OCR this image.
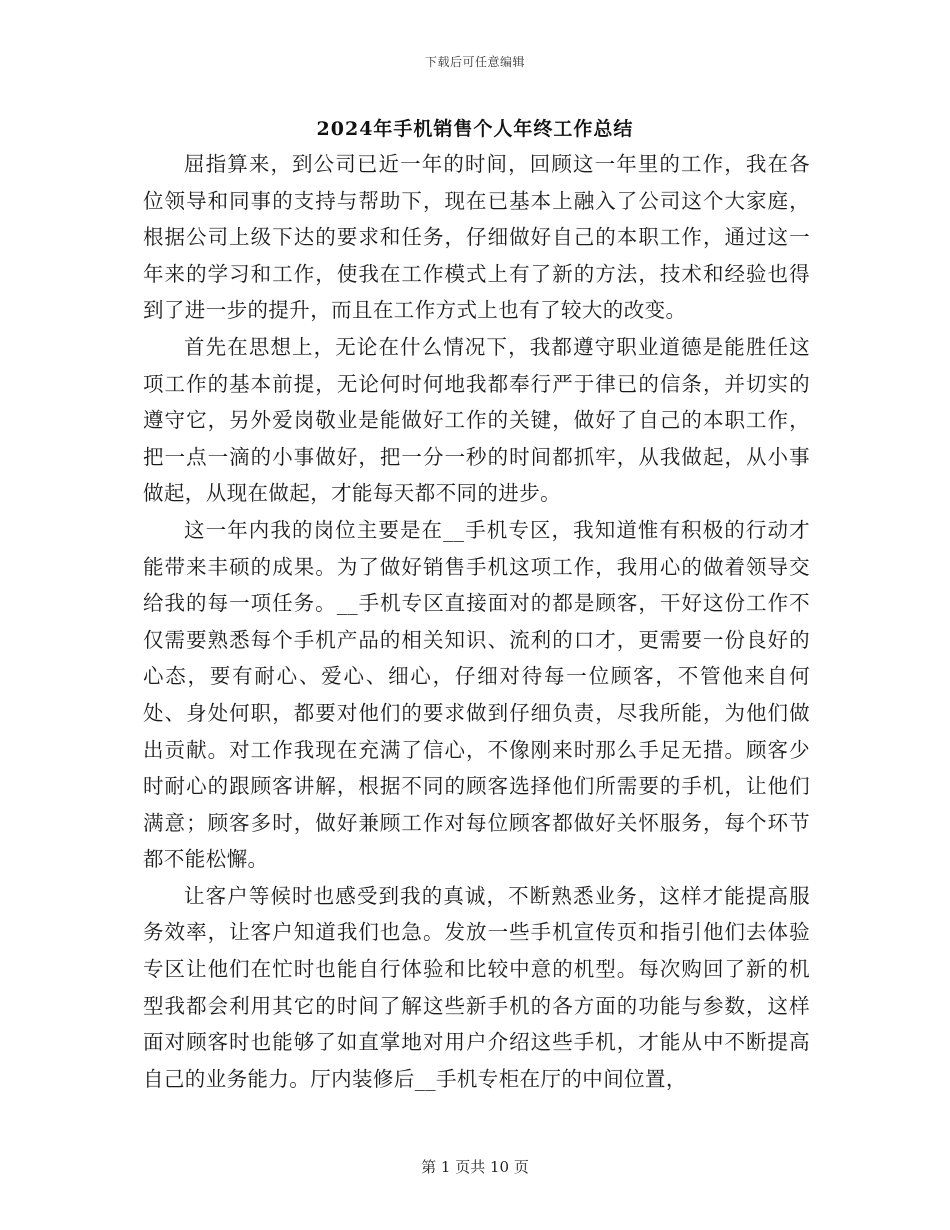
下载后可任意编辑
2024年手机销售个人年终工作总结

屈指算来，到公司已近一年的时间，回顾这一年里的工作，我在各位领导和同事的支持与帮助下，现在已基本上融入了公司这个大家庭，根据公司上级下达的要求和任务，仔细做好自己的本职工作，通过这一年来的学习和工作，使我在工作模式上有了新的方法，技术和经验也得到了进一步的提升，而且在工作方式上也有了较大的改变。

首先在思想上，无论在什么情况下，我都遵守职业道德是能胜任这项工作的基本前提，无论何时何地我都奉行严于律已的信条，并切实的遵守它，另外爱岗敬业是能做好工作的关键，做好了自己的本职工作，把一点一滴的小事做好，把一分一秒的时间都抓牢，从我做起，从小事做起，从现在做起，才能每天都不同的进步。

这一年内我的岗位主要是在__手机专区，我知道惟有积极的行动才能带来丰硕的成果。为了做好销售手机这项工作，我用心的做着领导交给我的每一项任务。__手机专区直接面对的都是顾客，干好这份工作不仅需要熟悉每个手机产品的相关知识、流利的口才，更需要一份良好的心态，要有耐心、爱心、细心，仔细对待每一位顾客，不管他来自何处、身处何职，都要对他们的要求做到仔细负责，尽我所能，为他们做出贡献。对工作我现在充满了信心，不像刚来时那么手足无措。顾客少时耐心的跟顾客讲解，根据不同的顾客选择他们所需要的手机，让他们满意；顾客多时，做好兼顾工作对每位顾客都做好关怀服务，每个环节都不能松懈。

让客户等候时也感受到我的真诚，不断熟悉业务，这样才能提高服务效率，让客户知道我们也急。发放一些手机宣传页和指引他们去体验专区让他们在忙时也能自行体验和比较中意的机型。每次购回了新的机型我都会利用其它的时间了解这些新手机的各方面的功能与参数，这样面对顾客时也能够了如直掌地对用户介绍这些手机，才能从中不断提高自己的业务能力。厅内装修后__手机专柜在厅的中间位置，

第 1 页共 10 页
